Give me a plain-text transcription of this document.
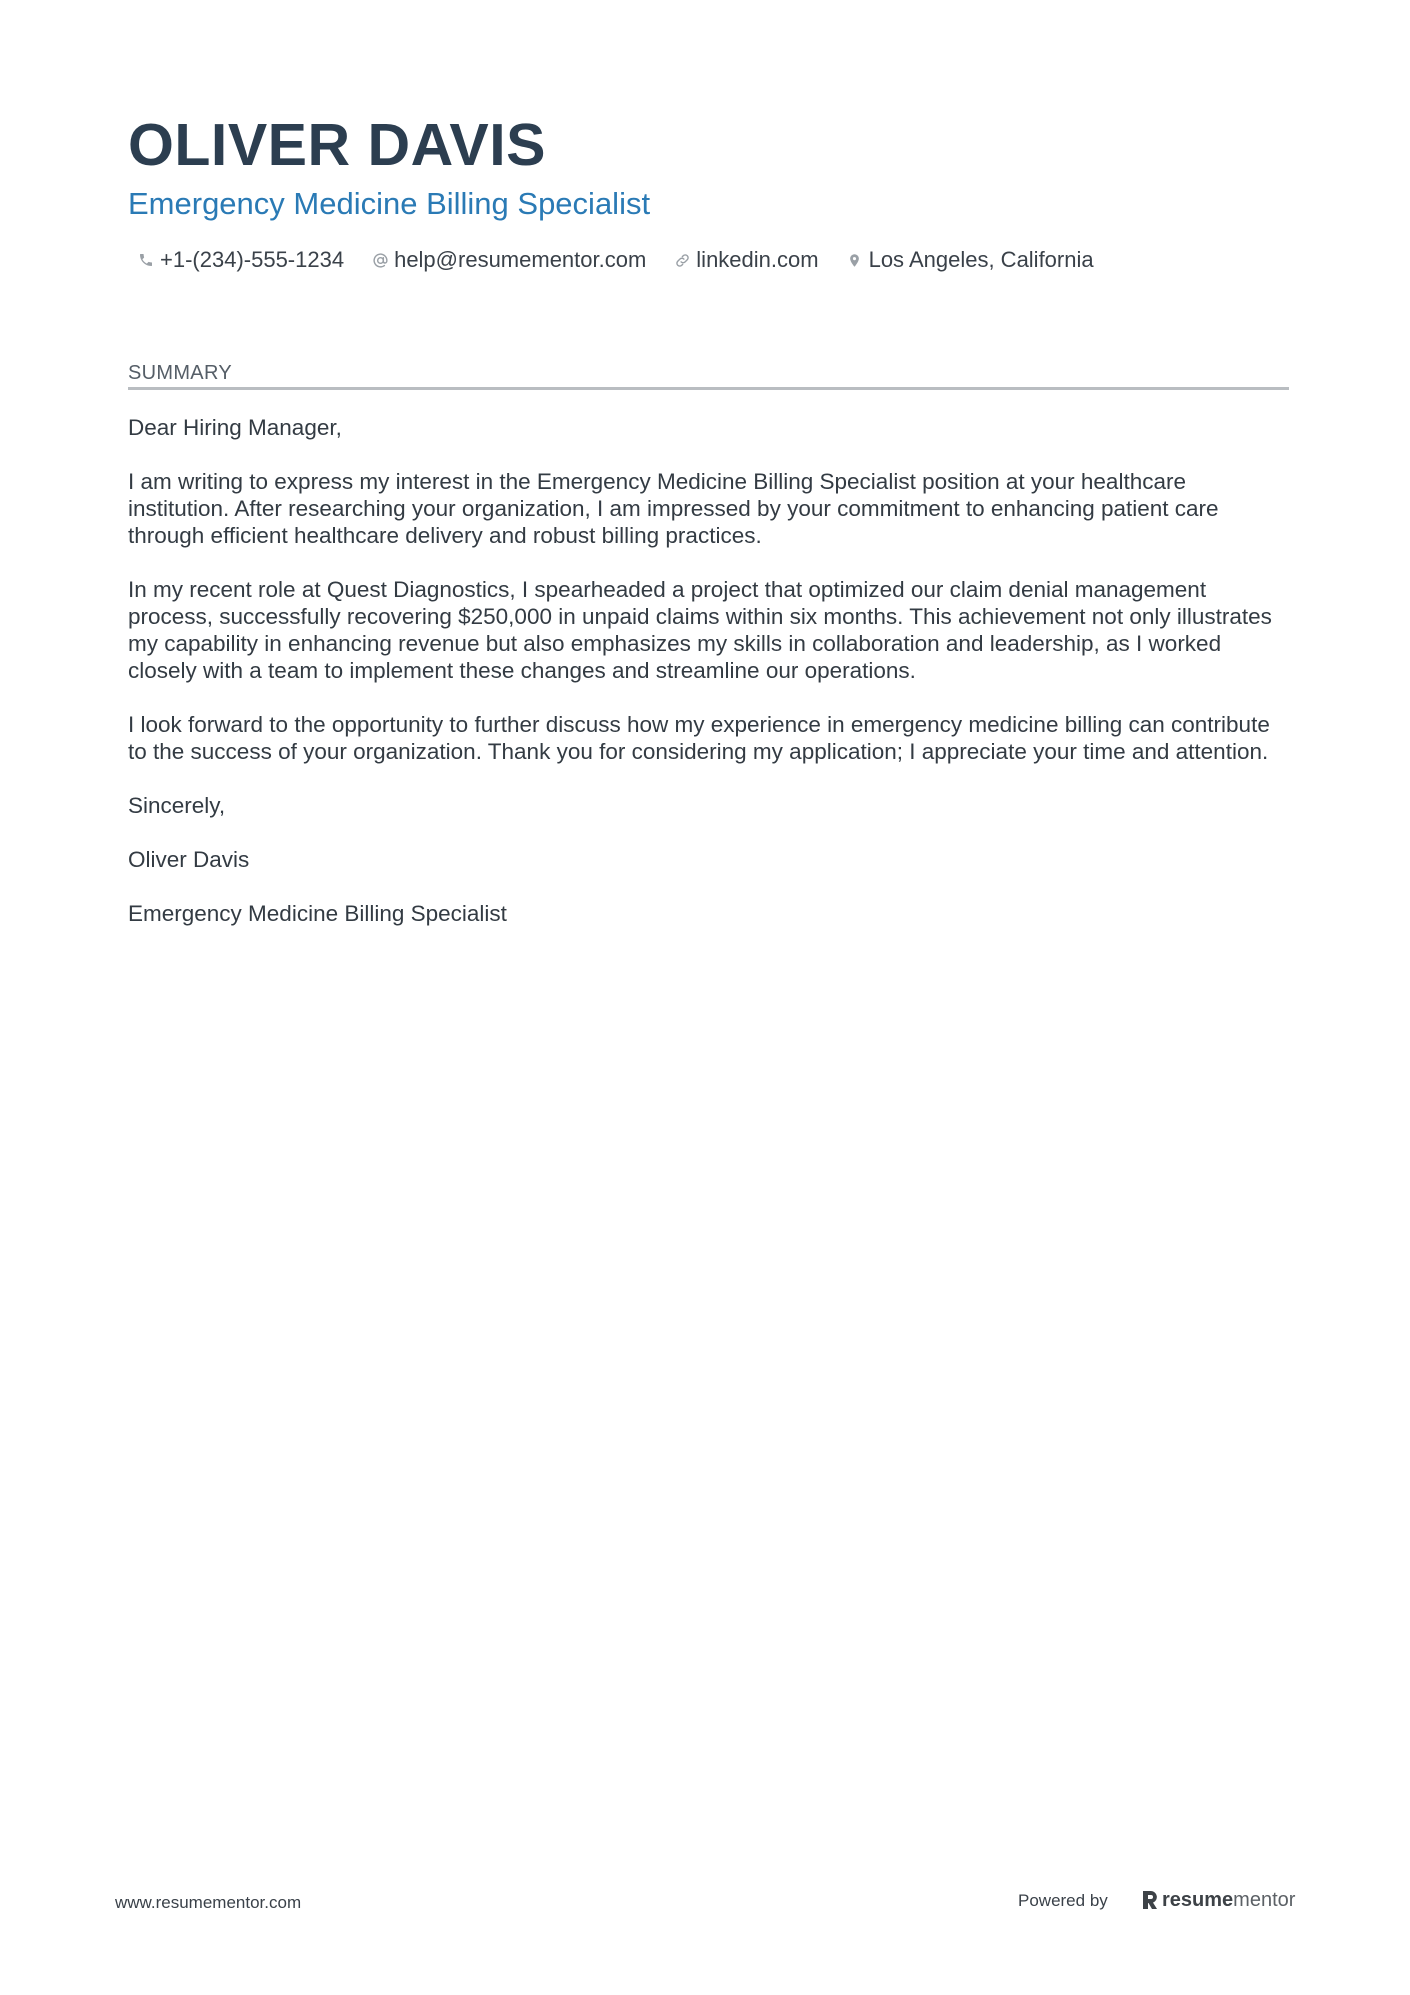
OLIVER DAVIS
Emergency Medicine Billing Specialist
+1-(234)-555-1234 help@resumementor.com linkedin.com Los Angeles, California
SUMMARY

Dear Hiring Manager,

I am writing to express my interest in the Emergency Medicine Billing Specialist position at your healthcare institution. After researching your organization, I am impressed by your commitment to enhancing patient care through efficient healthcare delivery and robust billing practices.

In my recent role at Quest Diagnostics, I spearheaded a project that optimized our claim denial management process, successfully recovering $250,000 in unpaid claims within six months. This achievement not only illustrates my capability in enhancing revenue but also emphasizes my skills in collaboration and leadership, as I worked closely with a team to implement these changes and streamline our operations.

I look forward to the opportunity to further discuss how my experience in emergency medicine billing can contribute to the success of your organization. Thank you for considering my application; I appreciate your time and attention.

Sincerely,

Oliver Davis

Emergency Medicine Billing Specialist

www.resumementor.com	Powered by	resumementor
